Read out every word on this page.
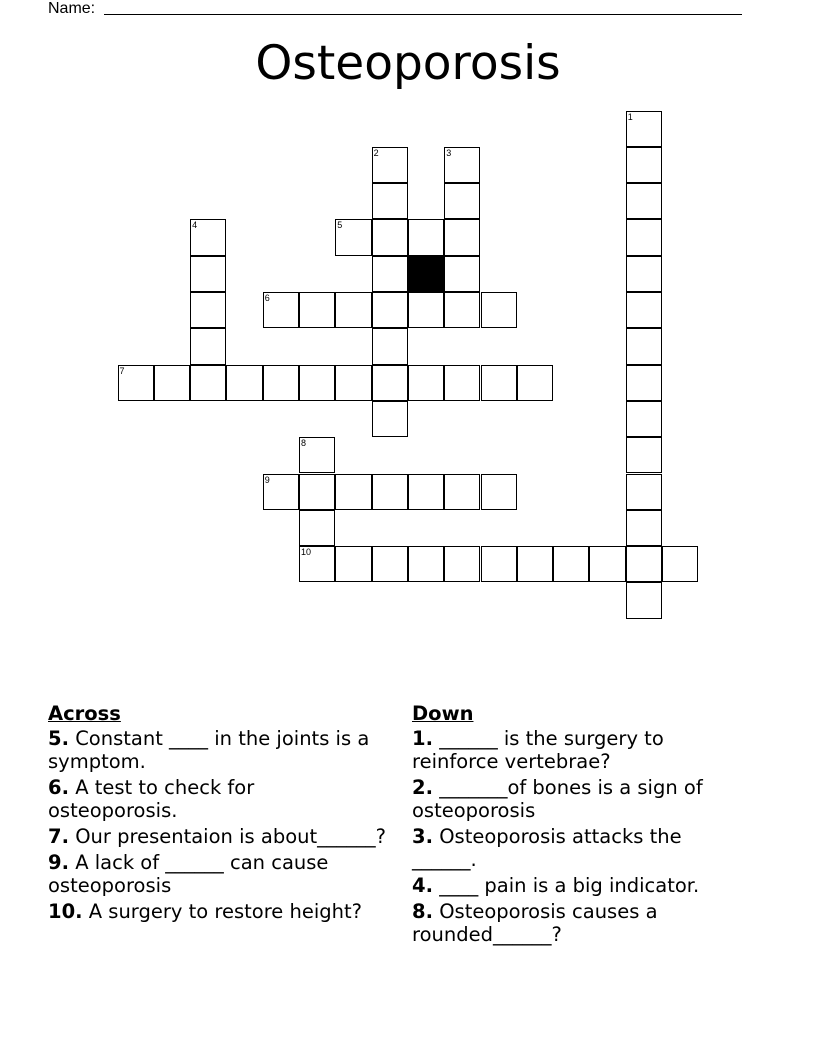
Name:
Osteoporosis
1
2	3
4	5
6
7
8
10
9
Across
5. Constant ____ in the joints is a symptom.
6. A test to check for osteoporosis.
7. Our presentaion is about______?
9. A lack of ______ can cause osteoporosis
10. A surgery to restore height?
Down
1. ______ is the surgery to reinforce vertebrae?
2. _______of bones is a sign of osteoporosis
3. Osteoporosis attacks the ______.
4. ____ pain is a big indicator.
8. Osteoporosis causes a rounded______?
